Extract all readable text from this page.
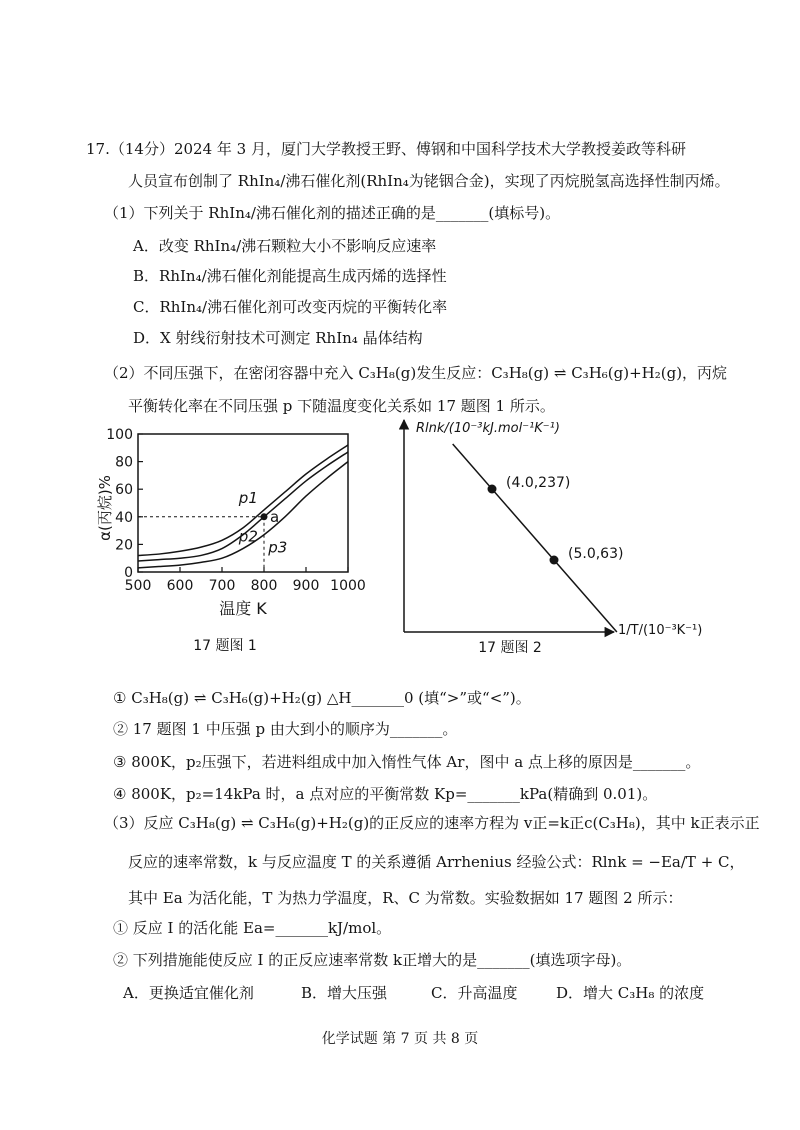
17.（14分）2024 年 3 月，厦门大学教授王野、傅钢和中国科学技术大学教授姜政等科研
人员宣布创制了 RhIn₄/沸石催化剂(RhIn₄为铑铟合金)，实现了丙烷脱氢高选择性制丙烯。
（1）下列关于 RhIn₄/沸石催化剂的描述正确的是_______(填标号)。
A．改变 RhIn₄/沸石颗粒大小不影响反应速率
B．RhIn₄/沸石催化剂能提高生成丙烯的选择性
C．RhIn₄/沸石催化剂可改变丙烷的平衡转化率
D．X 射线衍射技术可测定 RhIn₄ 晶体结构
（2）不同压强下，在密闭容器中充入 C₃H₈(g)发生反应：C₃H₈(g) ⇌ C₃H₆(g)+H₂(g)，丙烷
平衡转化率在不同压强 p 下随温度变化关系如 17 题图 1 所示。
0
20
40
60
80
100
500 600 700 800 900 1000
p1
p2
p3
a
α(丙烷)%
温度 K
17 题图 1
(4.0,237)
(5.0,63)
Rlnk/(10⁻³kJ.mol⁻¹K⁻¹)
1/T/(10⁻³K⁻¹)
17 题图 2
① C₃H₈(g) ⇌ C₃H₆(g)+H₂(g) △H_______0 (填“>”或“<”)。
② 17 题图 1 中压强 p 由大到小的顺序为_______。
③ 800K，p₂压强下，若进料组成中加入惰性气体 Ar，图中 a 点上移的原因是_______。
④ 800K，p₂=14kPa 时，a 点对应的平衡常数 Kp=_______kPa(精确到 0.01)。
（3）反应 C₃H₈(g) ⇌ C₃H₆(g)+H₂(g)的正反应的速率方程为 v正=k正c(C₃H₈)，其中 k正表示正
反应的速率常数，k 与反应温度 T 的关系遵循 Arrhenius 经验公式：Rlnk = −Ea/T + C，
其中 Ea 为活化能，T 为热力学温度，R、C 为常数。实验数据如 17 题图 2 所示：
① 反应 Ⅰ 的活化能 Ea=_______kJ/mol。
② 下列措施能使反应 Ⅰ 的正反应速率常数 k正增大的是_______(填选项字母)。
A．更换适宜催化剂	B．增大压强	C．升高温度	D．增大 C₃H₈ 的浓度
化学试题 第 7 页 共 8 页
